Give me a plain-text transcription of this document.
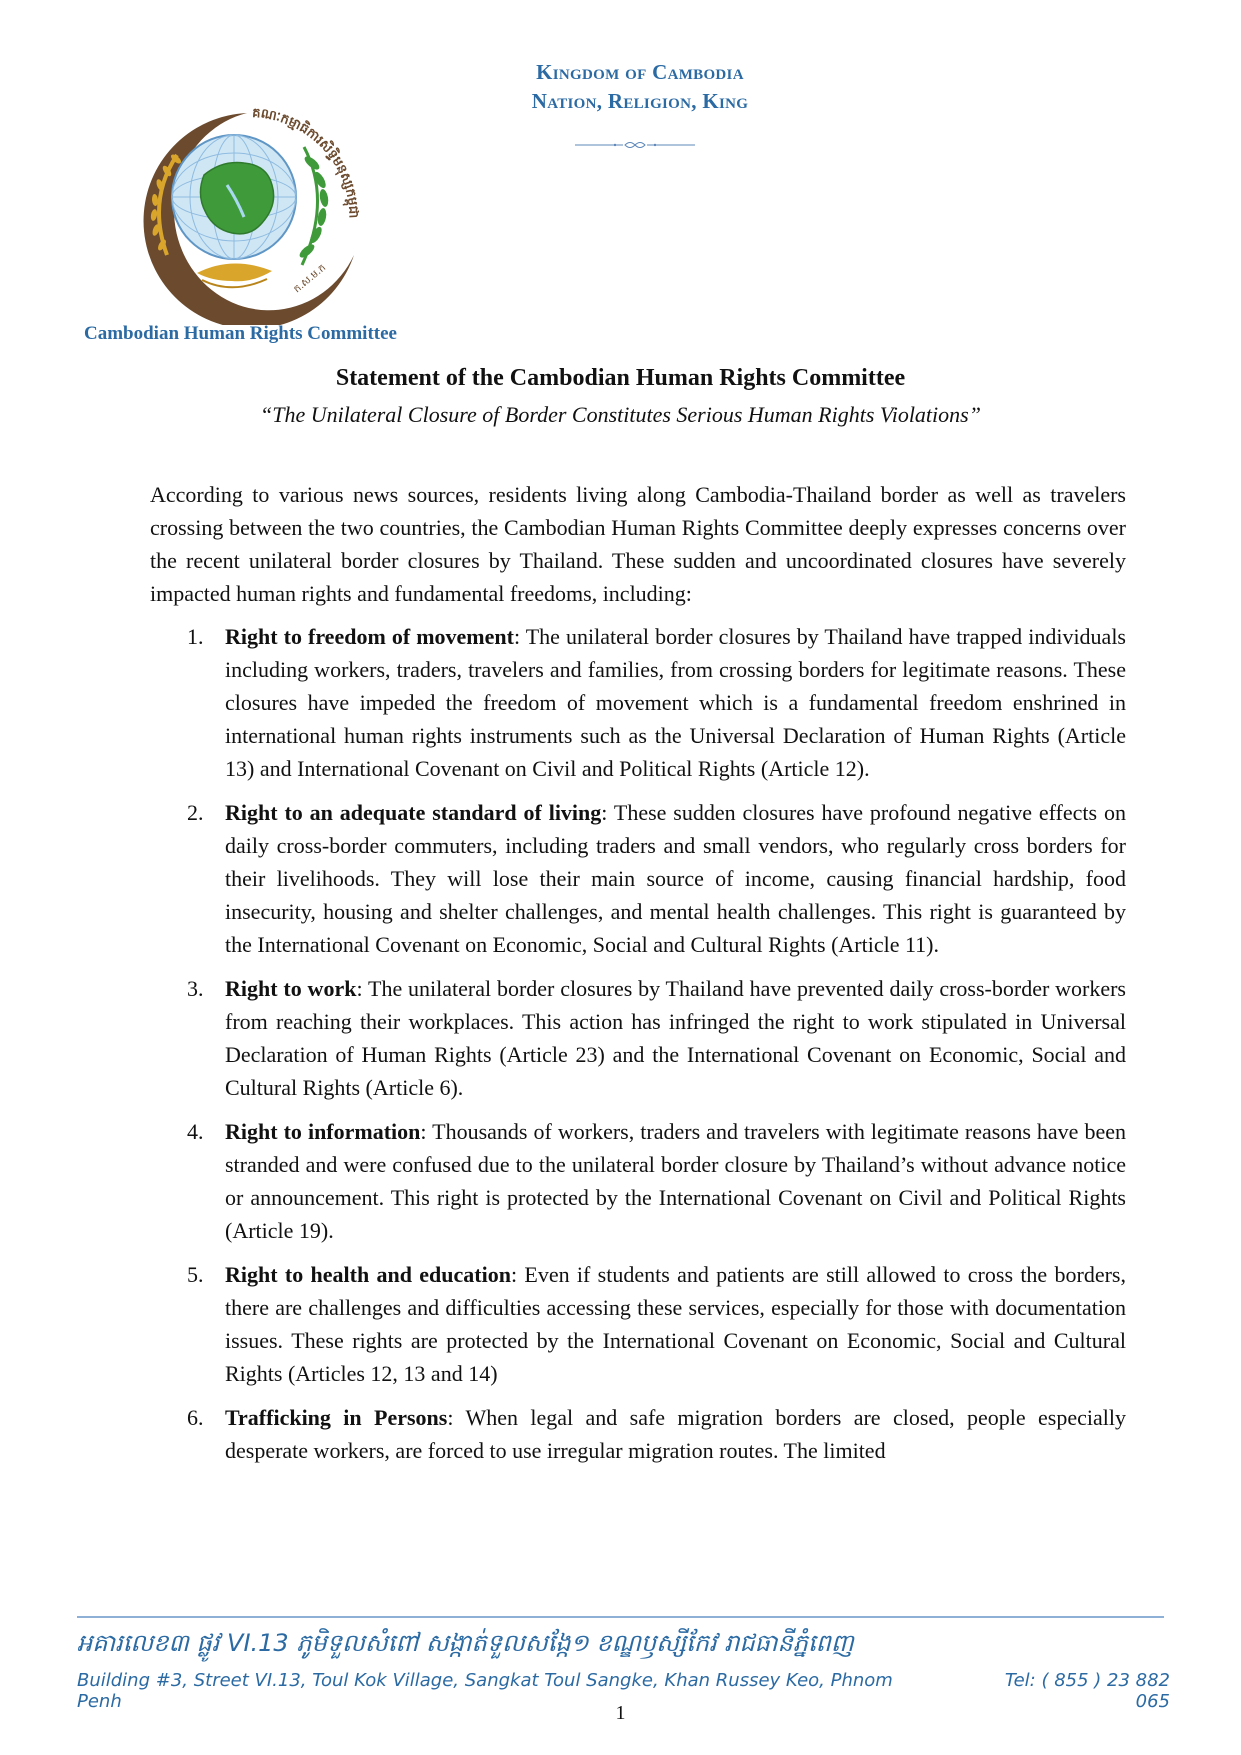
Kingdom of Cambodia
Nation, Religion, King
គណៈកម្មាធិការសិទ្ធិមនុស្សកម្ពុជា
ក.ស.ម.ក
Cambodian Human Rights Committee
Statement of the Cambodian Human Rights Committee
“The Unilateral Closure of Border Constitutes Serious Human Rights Violations”

According to various news sources, residents living along Cambodia-Thailand border as well as travelers crossing between the two countries, the Cambodian Human Rights Committee deeply expresses concerns over the recent unilateral border closures by Thailand. These sudden and uncoordinated closures have severely impacted human rights and fundamental freedoms, including:

1. Right to freedom of movement: The unilateral border closures by Thailand have trapped individuals including workers, traders, travelers and families, from crossing borders for legitimate reasons. These closures have impeded the freedom of movement which is a fundamental freedom enshrined in international human rights instruments such as the Universal Declaration of Human Rights (Article 13) and International Covenant on Civil and Political Rights (Article 12).
2. Right to an adequate standard of living: These sudden closures have profound negative effects on daily cross-border commuters, including traders and small vendors, who regularly cross borders for their livelihoods. They will lose their main source of income, causing financial hardship, food insecurity, housing and shelter challenges, and mental health challenges. This right is guaranteed by the International Covenant on Economic, Social and Cultural Rights (Article 11).
3. Right to work: The unilateral border closures by Thailand have prevented daily cross-border workers from reaching their workplaces. This action has infringed the right to work stipulated in Universal Declaration of Human Rights (Article 23) and the International Covenant on Economic, Social and Cultural Rights (Article 6).
4. Right to information: Thousands of workers, traders and travelers with legitimate reasons have been stranded and were confused due to the unilateral border closure by Thailand’s without advance notice or announcement. This right is protected by the International Covenant on Civil and Political Rights (Article 19).
5. Right to health and education: Even if students and patients are still allowed to cross the borders, there are challenges and difficulties accessing these services, especially for those with documentation issues. These rights are protected by the International Covenant on Economic, Social and Cultural Rights (Articles 12, 13 and 14)
6. Trafficking in Persons: When legal and safe migration borders are closed, people especially desperate workers, are forced to use irregular migration routes. The limited
អគារលេខ៣ ផ្លូវ VI.13 ភូមិទួលសំពៅ សង្កាត់ទួលសង្កែ១ ខណ្ឌឫស្សីកែវ រាជធានីភ្នំពេញ
Building #3, Street VI.13, Toul Kok Village, Sangkat Toul Sangke, Khan Russey Keo, Phnom Penh
Tel: ( 855 ) 23 882 065
1
